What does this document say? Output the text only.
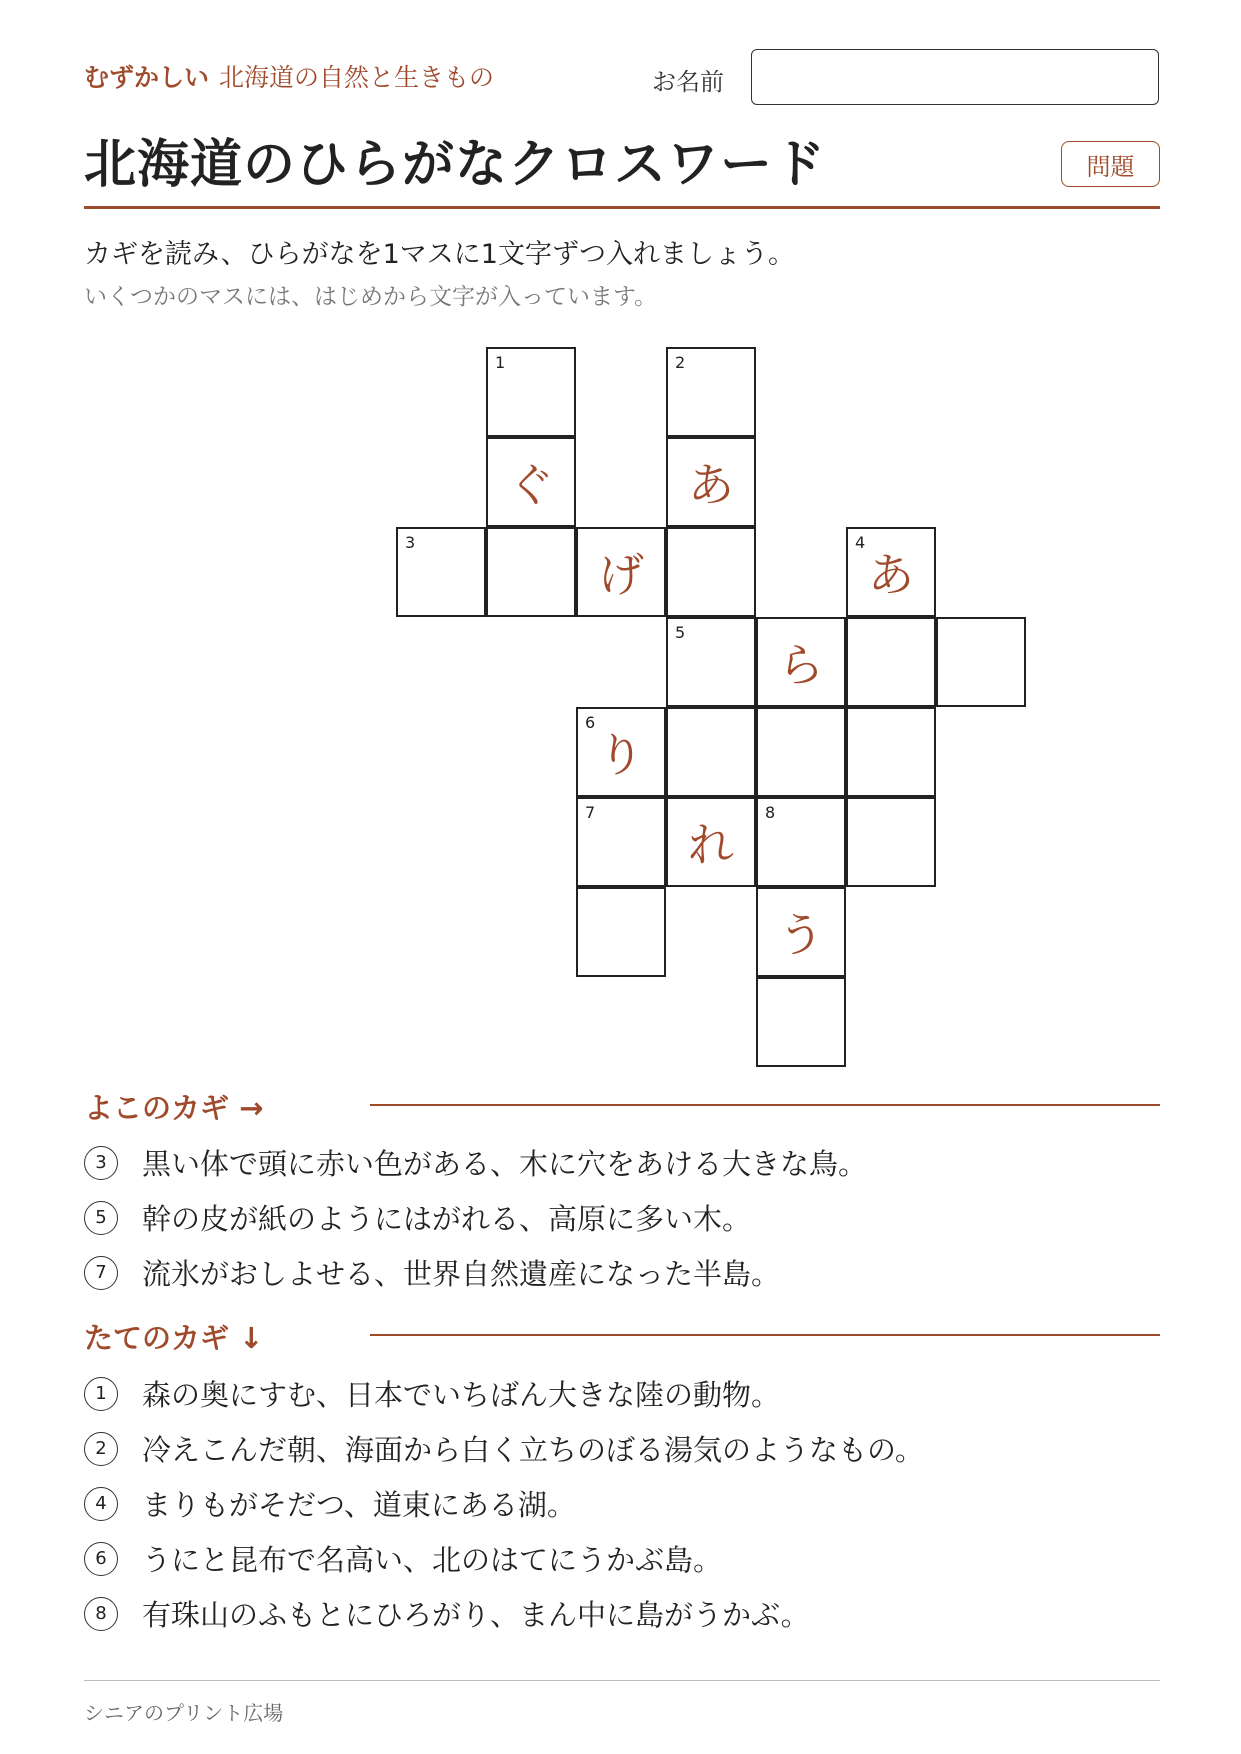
むずかしい 北海道の自然と生きもの	お名前
北海道のひらがなクロスワード	問題
カギを読み、ひらがなを1マスに1文字ずつ入れましょう。
いくつかのマスには、はじめから文字が入っています。
1	2
ぐ	あ
3
げ
4
あ
5
ら
6
り
7
れ
8
う
よこのカギ →
3	黒い体で頭に赤い色がある、木に穴をあける大きな鳥。
5	幹の皮が紙のようにはがれる、高原に多い木。
7	流氷がおしよせる、世界自然遺産になった半島。
たてのカギ ↓
1	森の奥にすむ、日本でいちばん大きな陸の動物。
2	冷えこんだ朝、海面から白く立ちのぼる湯気のようなもの。
4	まりもがそだつ、道東にある湖。
6	うにと昆布で名高い、北のはてにうかぶ島。
8	有珠山のふもとにひろがり、まん中に島がうかぶ。
シニアのプリント広場
